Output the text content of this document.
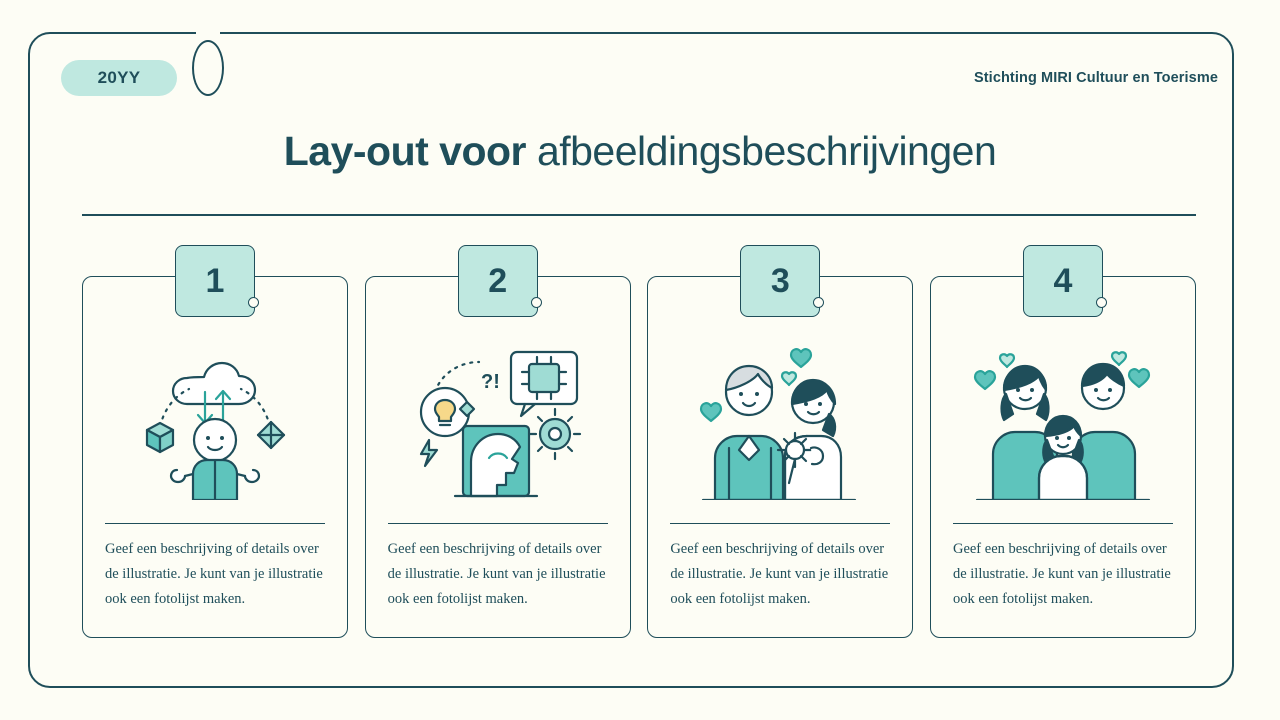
20YY	Stichting MIRI Cultuur en Toerisme
Lay-out voor afbeeldingsbeschrijvingen
1
Geef een beschrijving of details over de illustratie. Je kunt van je illustratie ook een fotolijst maken.
2
?!
Geef een beschrijving of details over de illustratie. Je kunt van je illustratie ook een fotolijst maken.
3
Geef een beschrijving of details over de illustratie. Je kunt van je illustratie ook een fotolijst maken.
4
Geef een beschrijving of details over de illustratie. Je kunt van je illustratie ook een fotolijst maken.
